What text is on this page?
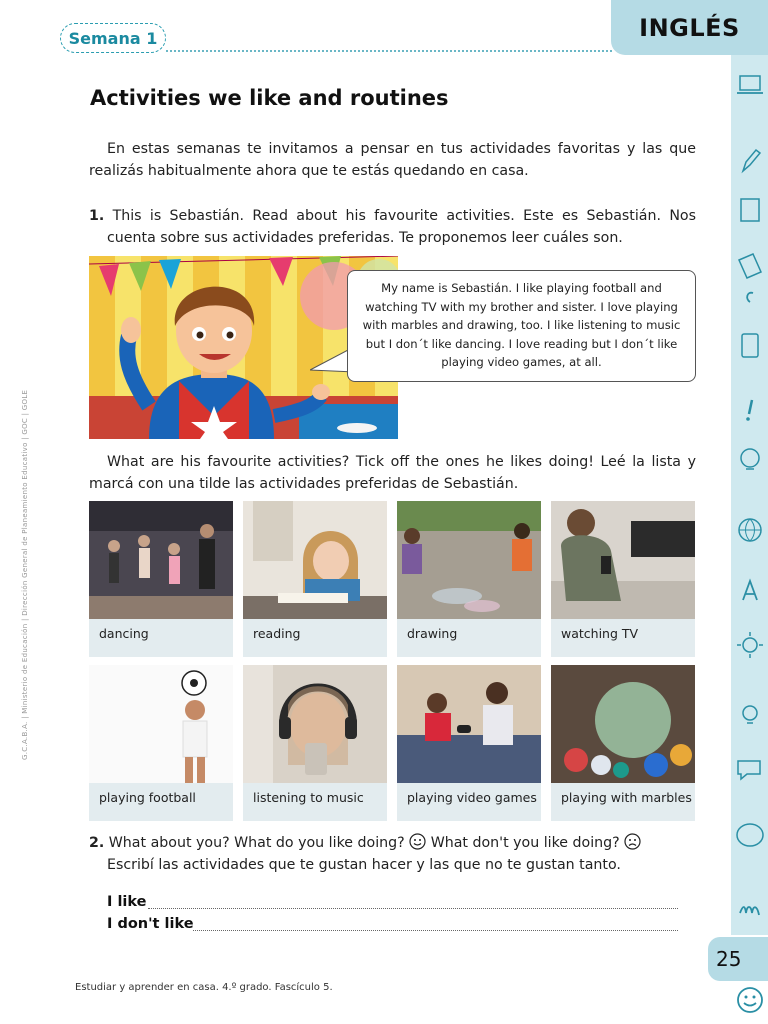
Semana 1	INGLÉS
G.C.A.B.A. | Ministerio de Educación | Dirección General de Planeamiento Educativo | GOC | GOLE
Activities we like and routines

En estas semanas te invitamos a pensar en tus actividades favoritas y las que realizás habitualmente ahora que te estás quedando en casa.

1. This is Sebastián. Read about his favourite activities. Este es Sebastián. Nos cuenta sobre sus actividades preferidas. Te proponemos leer cuáles son.
My name is Sebastián. I like playing football and watching TV with my brother and sister. I love playing with marbles and drawing, too. I like listening to music but I don´t like dancing. I love reading but I don´t like playing video games, at all.

What are his favourite activities? Tick off the ones he likes doing! Leé la lista y marcá con una tilde las actividades preferidas de Sebastián.

dancing	reading	drawing	watching TV
playing football	listening to music	playing video games playing with marbles
2. What about you? What do you like doing? What don't you like doing?
Escribí las actividades que te gustan hacer y las que no te gustan tanto.
I like
I don't like
25
Estudiar y aprender en casa. 4.º grado. Fascículo 5.
